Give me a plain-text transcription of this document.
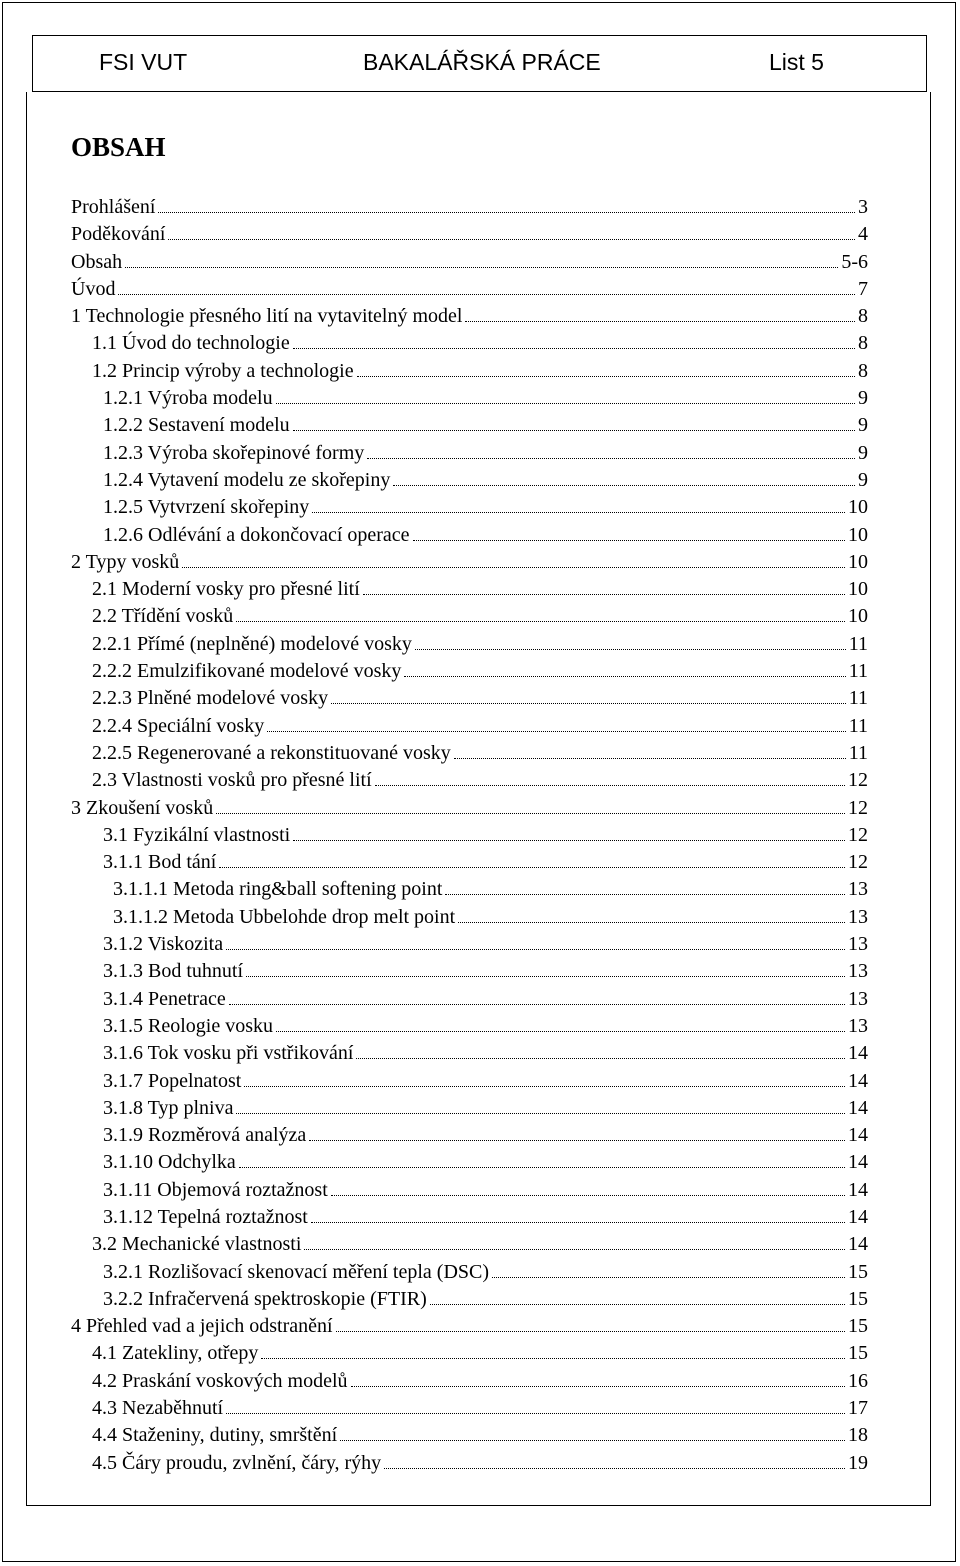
FSI VUT	BAKALÁŘSKÁ PRÁCE	List 5
OBSAH
Prohlášení	3
Poděkování	4
Obsah	5-6
Úvod	7
1 Technologie přesného lití na vytavitelný model	8
1.1 Úvod do technologie	8
1.2 Princip výroby a technologie	8
1.2.1 Výroba modelu	9
1.2.2 Sestavení modelu	9
1.2.3 Výroba skořepinové formy	9
1.2.4 Vytavení modelu ze skořepiny	9
1.2.5 Vytvrzení skořepiny	10
1.2.6 Odlévání a dokončovací operace	10
2 Typy vosků	10
2.1 Moderní vosky pro přesné lití	10
2.2 Třídění vosků	10
2.2.1 Přímé (neplněné) modelové vosky	11
2.2.2 Emulzifikované modelové vosky	11
2.2.3 Plněné modelové vosky	11
2.2.4 Speciální vosky	11
2.2.5 Regenerované a rekonstituované vosky	11
2.3 Vlastnosti vosků pro přesné lití	12
3 Zkoušení vosků	12
3.1 Fyzikální vlastnosti	12
3.1.1 Bod tání	12
3.1.1.1 Metoda ring&ball softening point	13
3.1.1.2 Metoda Ubbelohde drop melt point	13
3.1.2 Viskozita	13
3.1.3 Bod tuhnutí	13
3.1.4 Penetrace	13
3.1.5 Reologie vosku	13
3.1.6 Tok vosku při vstřikování	14
3.1.7 Popelnatost	14
3.1.8 Typ plniva	14
3.1.9 Rozměrová analýza	14
3.1.10 Odchylka	14
3.1.11 Objemová roztažnost	14
3.1.12 Tepelná roztažnost	14
3.2 Mechanické vlastnosti	14
3.2.1 Rozlišovací skenovací měření tepla (DSC)	15
3.2.2 Infračervená spektroskopie (FTIR)	15
4 Přehled vad a jejich odstranění	15
4.1 Zatekliny, otřepy	15
4.2 Praskání voskových modelů	16
4.3 Nezaběhnutí	17
4.4 Staženiny, dutiny, smrštění	18
4.5 Čáry proudu, zvlnění, čáry, rýhy	19
